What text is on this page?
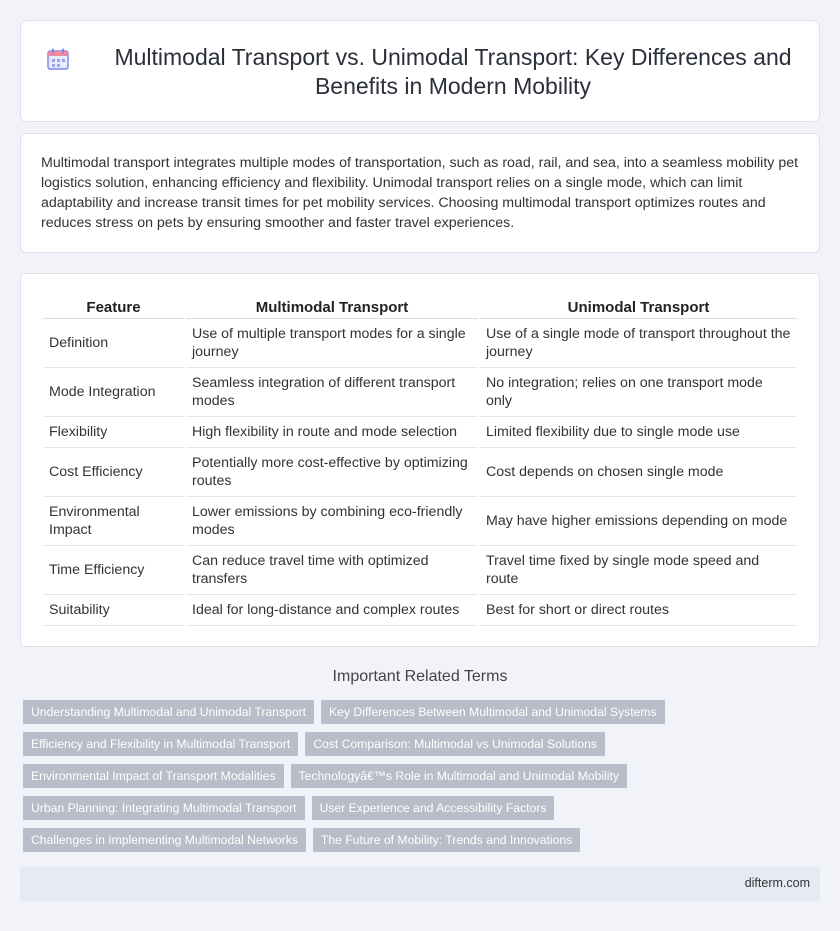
Multimodal Transport vs. Unimodal Transport: Key Differences and Benefits in Modern Mobility

Multimodal transport integrates multiple modes of transportation, such as road, rail, and sea, into a seamless mobility pet logistics solution, enhancing efficiency and flexibility. Unimodal transport relies on a single mode, which can limit adaptability and increase transit times for pet mobility services. Choosing multimodal transport optimizes routes and reduces stress on pets by ensuring smoother and faster travel experiences.

Feature	Multimodal Transport	Unimodal Transport
Definition	Use of multiple transport modes for a single journey	Use of a single mode of transport throughout the journey
Mode Integration	Seamless integration of different transport modes	No integration; relies on one transport mode only
Flexibility	High flexibility in route and mode selection	Limited flexibility due to single mode use
Cost Efficiency	Potentially more cost-effective by optimizing routes	Cost depends on chosen single mode
Environmental Impact	Lower emissions by combining eco-friendly modes	May have higher emissions depending on mode
Time Efficiency	Can reduce travel time with optimized transfers	Travel time fixed by single mode speed and route
Suitability	Ideal for long-distance and complex routes	Best for short or direct routes
Important Related Terms
Understanding Multimodal and Unimodal Transport	Key Differences Between Multimodal and Unimodal Systems
Efficiency and Flexibility in Multimodal Transport	Cost Comparison: Multimodal vs Unimodal Solutions
Environmental Impact of Transport Modalities	Technologyâ€™s Role in Multimodal and Unimodal Mobility
Urban Planning: Integrating Multimodal Transport	User Experience and Accessibility Factors
Challenges in Implementing Multimodal Networks	The Future of Mobility: Trends and Innovations
difterm.com
